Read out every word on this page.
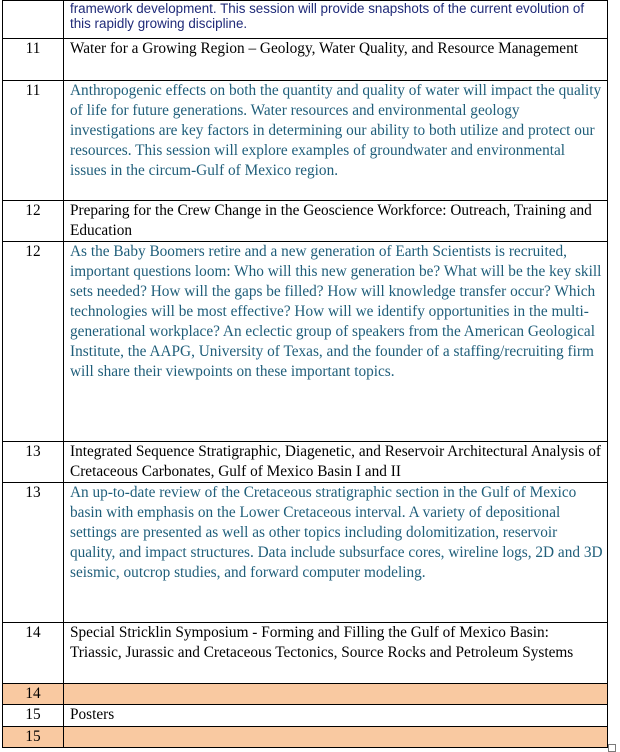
	framework development. This session will provide snapshots of the current evolution of this rapidly growing discipline.
11	Water for a Growing Region – Geology, Water Quality, and Resource Management
11	Anthropogenic effects on both the quantity and quality of water will impact the quality of life for future generations. Water resources and environmental geology investigations are key factors in determining our ability to both utilize and protect our resources. This session will explore examples of groundwater and environmental issues in the circum-Gulf of Mexico region.
12	Preparing for the Crew Change in the Geoscience Workforce: Outreach, Training and Education
12	As the Baby Boomers retire and a new generation of Earth Scientists is recruited, important questions loom: Who will this new generation be? What will be the key skill sets needed? How will the gaps be filled? How will knowledge transfer occur? Which technologies will be most effective? How will we identify opportunities in the multi-generational workplace? An eclectic group of speakers from the American Geological Institute, the AAPG, University of Texas, and the founder of a staffing/recruiting firm will share their viewpoints on these important topics.
13	Integrated Sequence Stratigraphic, Diagenetic, and Reservoir Architectural Analysis of Cretaceous Carbonates, Gulf of Mexico Basin I and II
13	An up-to-date review of the Cretaceous stratigraphic section in the Gulf of Mexico basin with emphasis on the Lower Cretaceous interval. A variety of depositional settings are presented as well as other topics including dolomitization, reservoir quality, and impact structures. Data include subsurface cores, wireline logs, 2D and 3D seismic, outcrop studies, and forward computer modeling.
14	Special Stricklin Symposium - Forming and Filling the Gulf of Mexico Basin: Triassic, Jurassic and Cretaceous Tectonics, Source Rocks and Petroleum Systems
14	
15	Posters
15	
